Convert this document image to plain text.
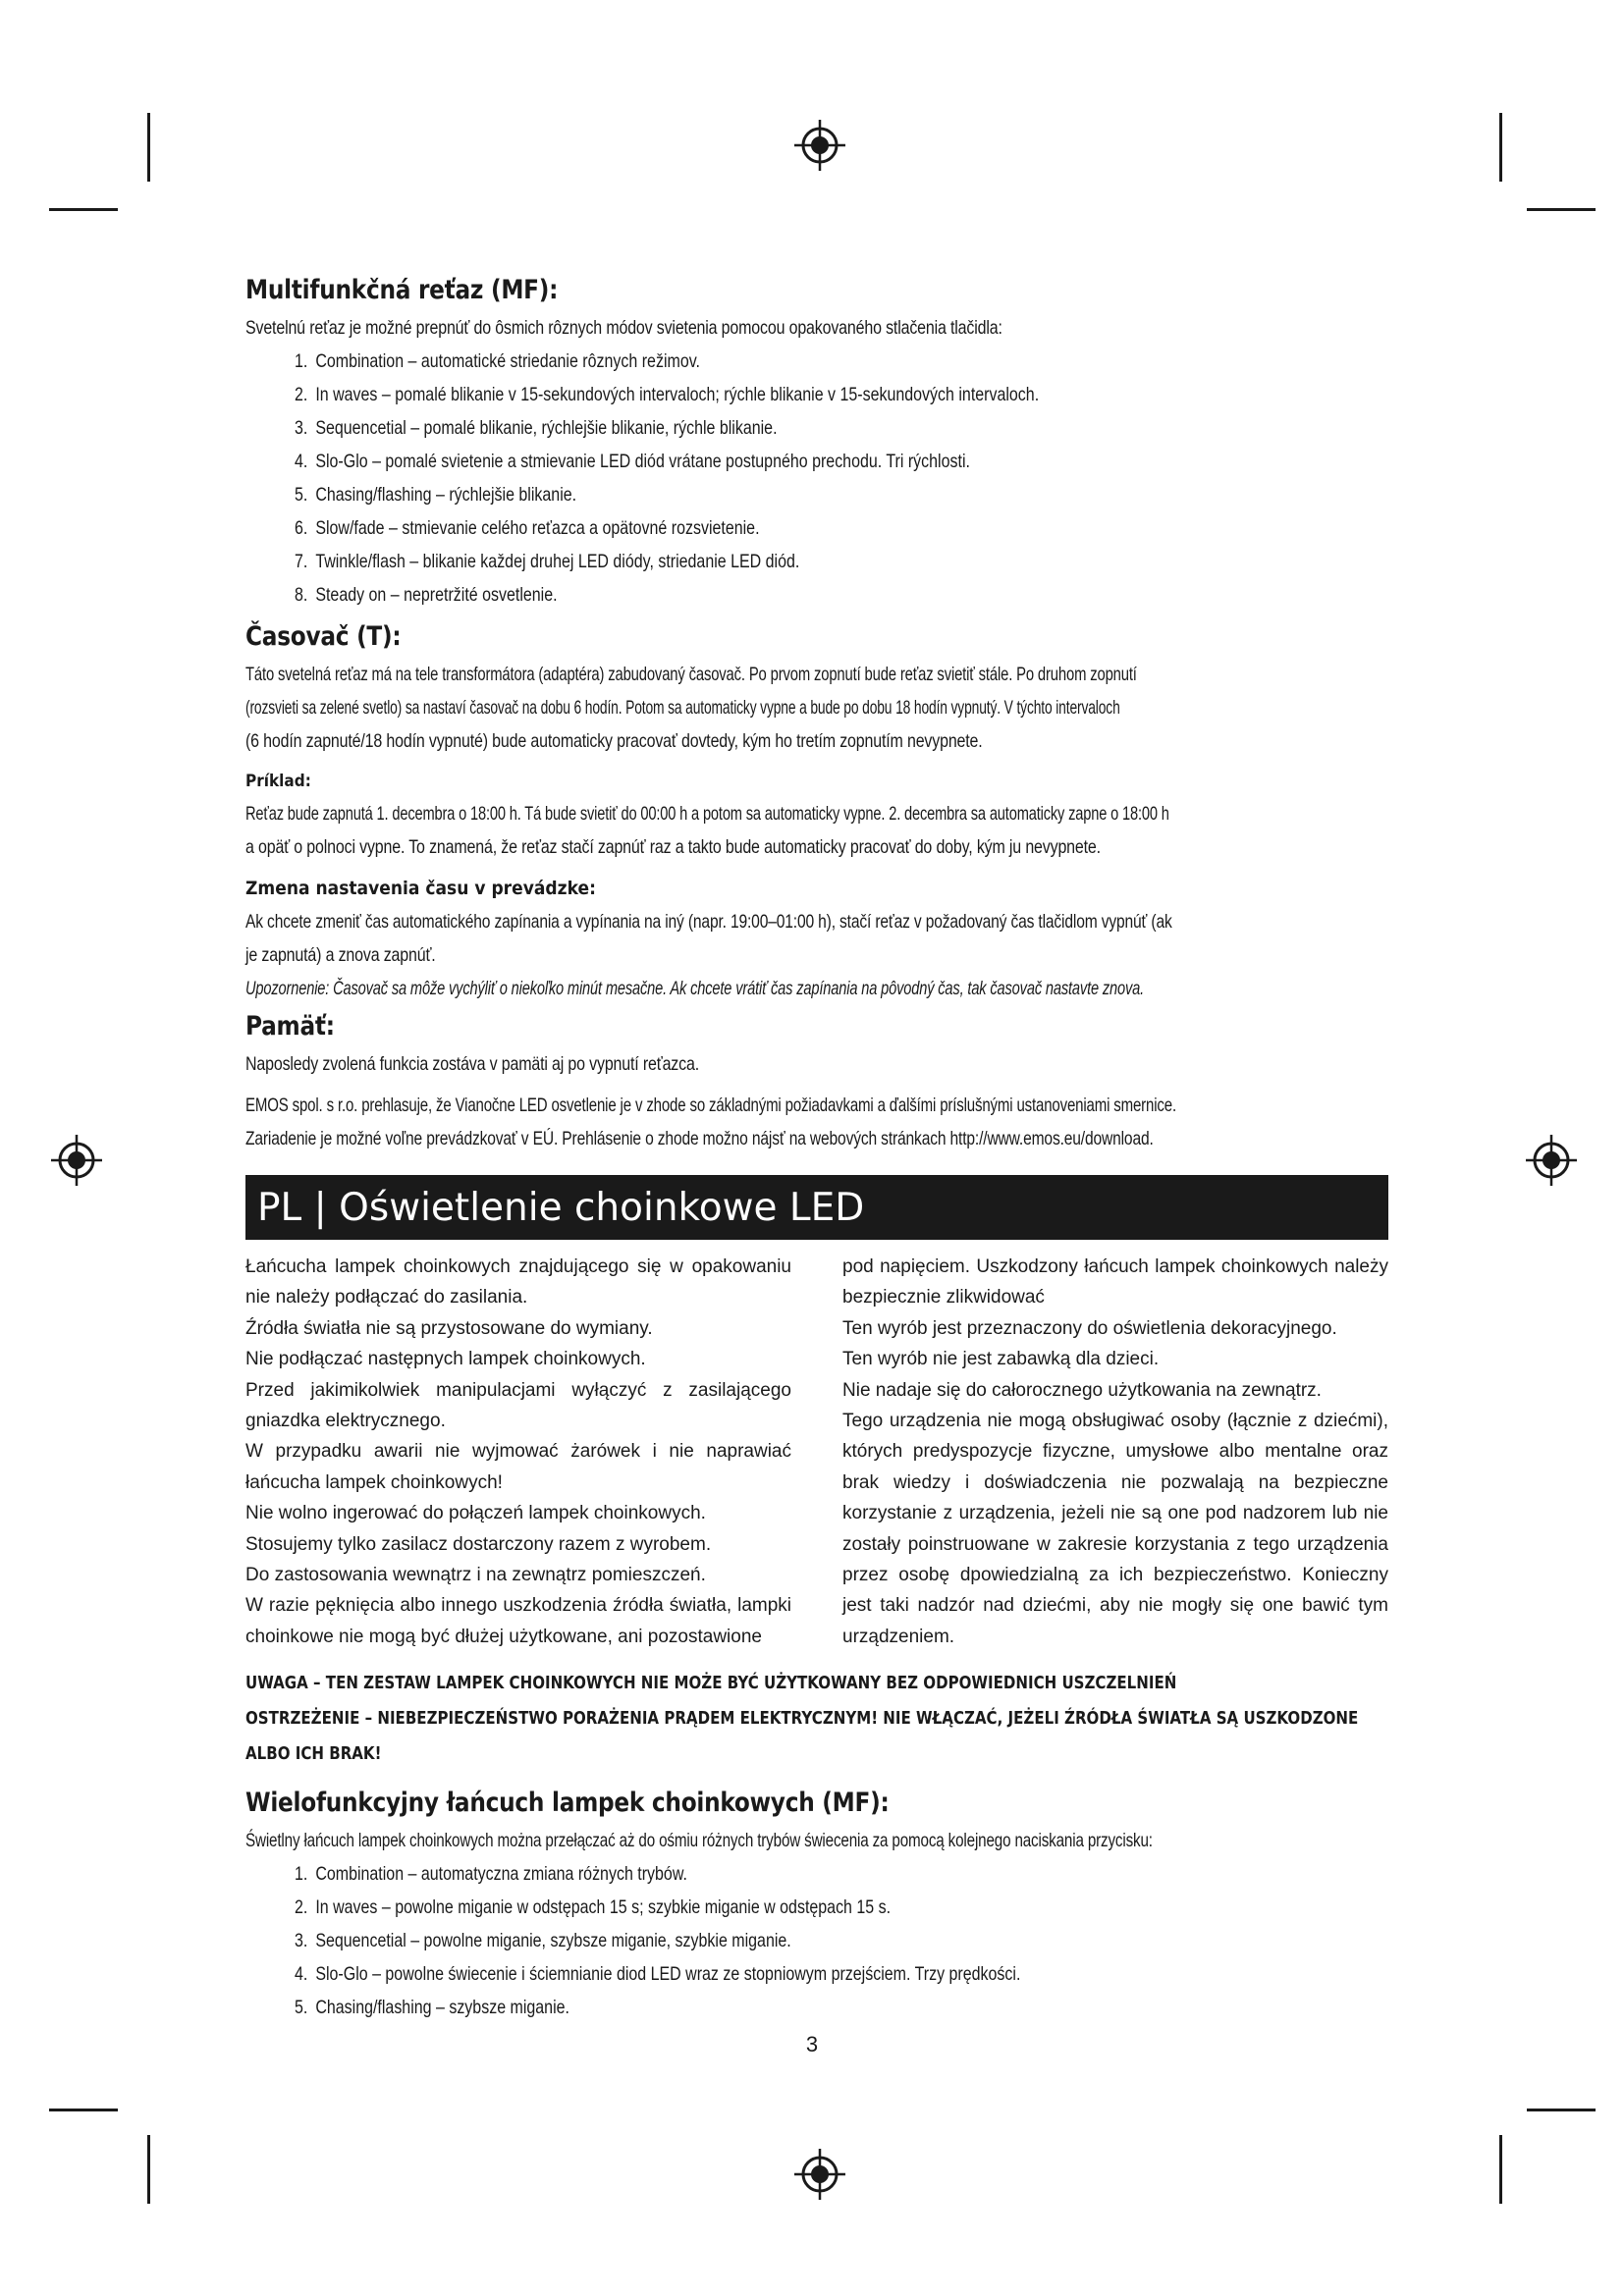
Multifunkčná reťaz (MF):

Svetelnú reťaz je možné prepnúť do ôsmich rôznych módov svietenia pomocou opakovaného stlačenia tlačidla:

1. Combination – automatické striedanie rôznych režimov.
2. In waves – pomalé blikanie v 15-sekundových intervaloch; rýchle blikanie v 15-sekundových intervaloch.
3. Sequencetial – pomalé blikanie, rýchlejšie blikanie, rýchle blikanie.
4. Slo-Glo – pomalé svietenie a stmievanie LED diód vrátane postupného prechodu. Tri rýchlosti.
5. Chasing/flashing – rýchlejšie blikanie.
6. Slow/fade – stmievanie celého reťazca a opätovné rozsvietenie.
7. Twinkle/flash – blikanie každej druhej LED diódy, striedanie LED diód.
8. Steady on – nepretržité osvetlenie.
Časovač (T):

Táto svetelná reťaz má na tele transformátora (adaptéra) zabudovaný časovač. Po prvom zopnutí bude reťaz svietiť stále. Po druhom zopnutí

(rozsvieti sa zelené svetlo) sa nastaví časovač na dobu 6 hodín. Potom sa automaticky vypne a bude po dobu 18 hodín vypnutý. V týchto intervaloch

(6 hodín zapnuté/18 hodín vypnuté) bude automaticky pracovať dovtedy, kým ho tretím zopnutím nevypnete.

Príklad:

Reťaz bude zapnutá 1. decembra o 18:00 h. Tá bude svietiť do 00:00 h a potom sa automaticky vypne. 2. decembra sa automaticky zapne o 18:00 h

a opäť o polnoci vypne. To znamená, že reťaz stačí zapnúť raz a takto bude automaticky pracovať do doby, kým ju nevypnete.

Zmena nastavenia času v prevádzke:

Ak chcete zmeniť čas automatického zapínania a vypínania na iný (napr. 19:00–01:00 h), stačí reťaz v požadovaný čas tlačidlom vypnúť (ak

je zapnutá) a znova zapnúť.

Upozornenie: Časovač sa môže vychýliť o niekoľko minút mesačne. Ak chcete vrátiť čas zapínania na pôvodný čas, tak časovač nastavte znova.

Pamäť:

Naposledy zvolená funkcia zostáva v pamäti aj po vypnutí reťazca.

EMOS spol. s r.o. prehlasuje, že Vianočne LED osvetlenie je v zhode so základnými požiadavkami a ďalšími príslušnými ustanoveniami smernice.

Zariadenie je možné voľne prevádzkovať v EÚ. Prehlásenie o zhode možno nájsť na webových stránkach http://www.emos.eu/download.

PL | Oświetlenie choinkowe LED

Łańcucha lampek choinkowych znajdującego się w opakowaniu nie należy podłączać do zasilania.

Źródła światła nie są przystosowane do wymiany.

Nie podłączać następnych lampek choinkowych.

Przed jakimikolwiek manipulacjami wyłączyć z zasilającego gniazdka elektrycznego.

W przypadku awarii nie wyjmować żarówek i nie naprawiać łańcucha lampek choinkowych!

Nie wolno ingerować do połączeń lampek choinkowych.

Stosujemy tylko zasilacz dostarczony razem z wyrobem.

Do zastosowania wewnątrz i na zewnątrz pomieszczeń.

W razie pęknięcia albo innego uszkodzenia źródła światła, lampki choinkowe nie mogą być dłużej użytkowane, ani pozostawione

pod napięciem. Uszkodzony łańcuch lampek choinkowych należy bezpiecznie zlikwidować

Ten wyrób jest przeznaczony do oświetlenia dekoracyjnego.

Ten wyrób nie jest zabawką dla dzieci.

Nie nadaje się do całorocznego użytkowania na zewnątrz.

Tego urządzenia nie mogą obsługiwać osoby (łącznie z dziećmi), których predyspozycje fizyczne, umysłowe albo mentalne oraz brak wiedzy i doświadczenia nie pozwalają na bezpieczne korzystanie z urządzenia, jeżeli nie są one pod nadzorem lub nie zostały poinstruowane w zakresie korzystania z tego urządzenia przez osobę dpowiedzialną za ich bezpieczeństwo. Konieczny jest taki nadzór nad dziećmi, aby nie mogły się one bawić tym urządzeniem.

UWAGA – TEN ZESTAW LAMPEK CHOINKOWYCH NIE MOŻE BYĆ UŻYTKOWANY BEZ ODPOWIEDNICH USZCZELNIEŃ
OSTRZEŻENIE – NIEBEZPIECZEŃSTWO PORAŻENIA PRĄDEM ELEKTRYCZNYM! NIE WŁĄCZAĆ, JEŻELI ŹRÓDŁA ŚWIATŁA SĄ USZKODZONE
ALBO ICH BRAK!
Wielofunkcyjny łańcuch lampek choinkowych (MF):

Świetlny łańcuch lampek choinkowych można przełączać aż do ośmiu różnych trybów świecenia za pomocą kolejnego naciskania przycisku:

1. Combination – automatyczna zmiana różnych trybów.
2. In waves – powolne miganie w odstępach 15 s; szybkie miganie w odstępach 15 s.
3. Sequencetial – powolne miganie, szybsze miganie, szybkie miganie.
4. Slo-Glo – powolne świecenie i ściemnianie diod LED wraz ze stopniowym przejściem. Trzy prędkości.
5. Chasing/flashing – szybsze miganie.
3
